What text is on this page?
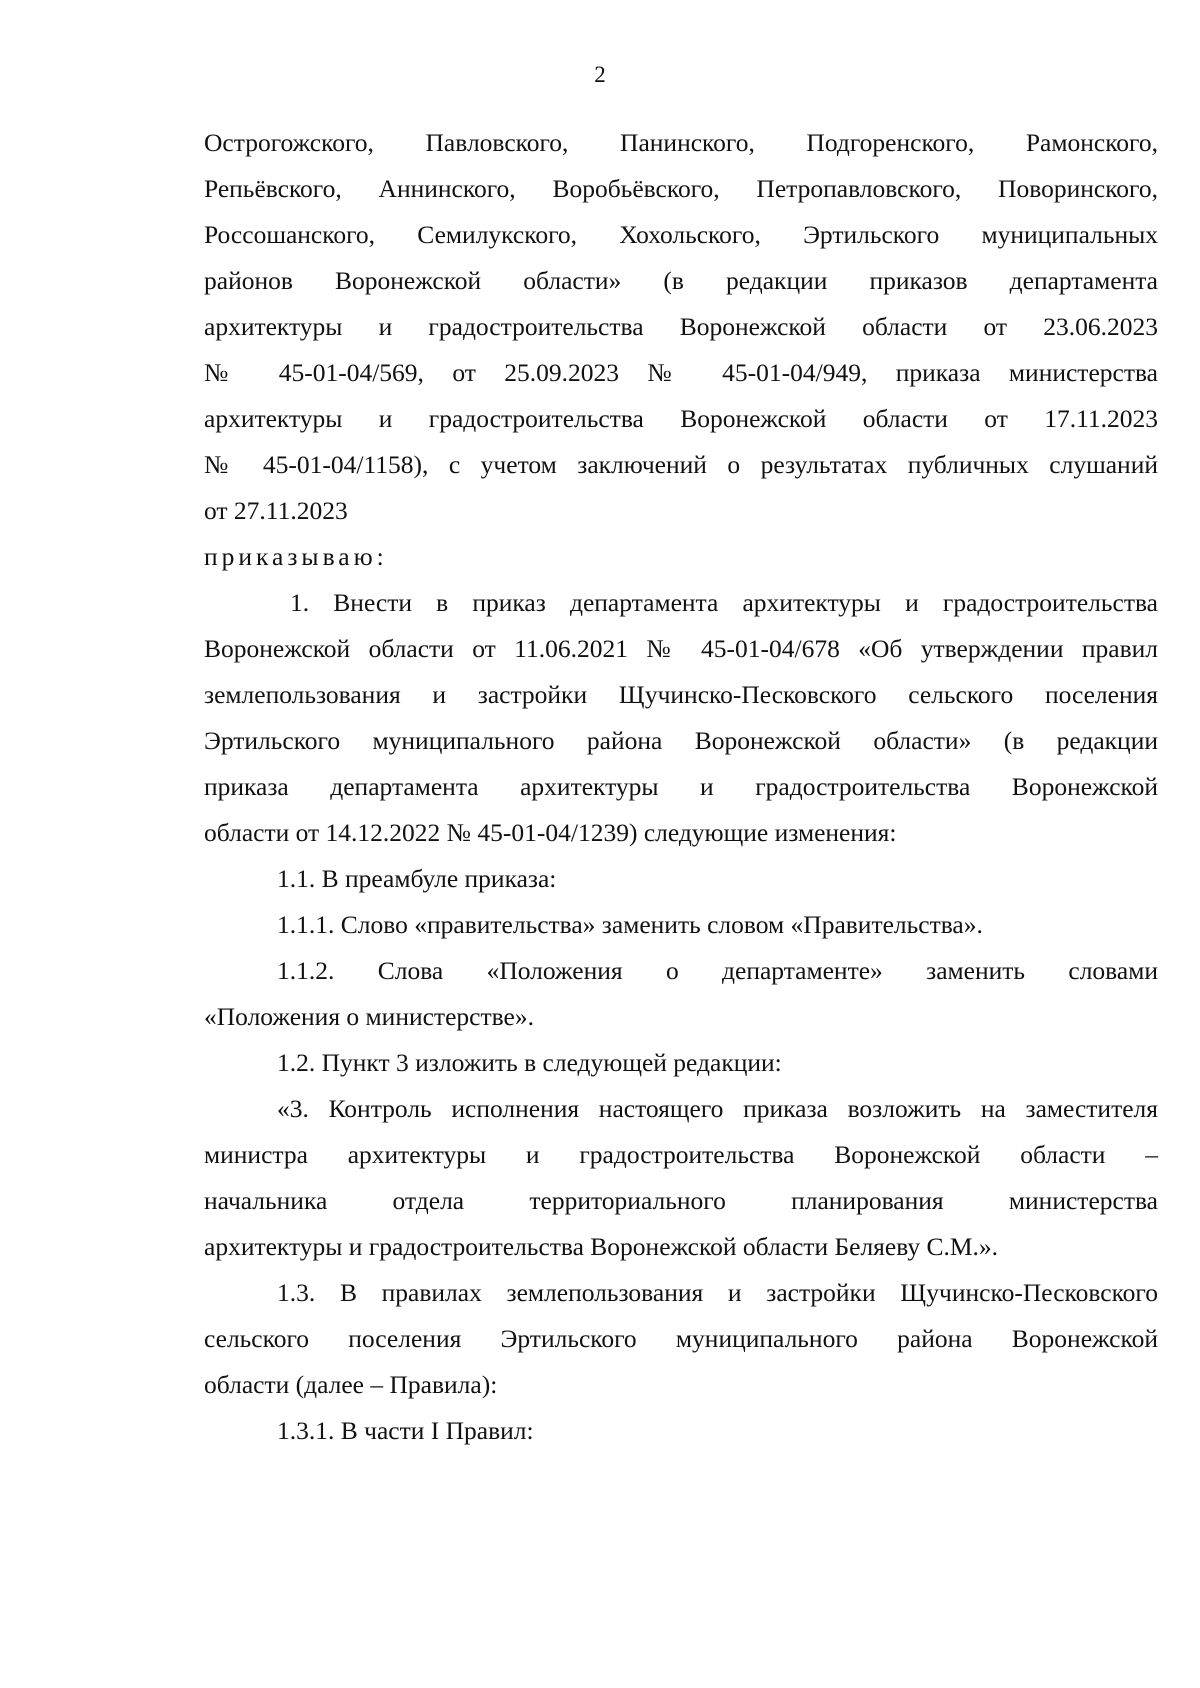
2
Острогожского, Павловского, Панинского, Подгоренского, Рамонского,
Репьёвского, Аннинского, Воробьёвского, Петропавловского, Поворинского,
Россошанского, Семилукского, Хохольского, Эртильского муниципальных
районов Воронежской области» (в редакции приказов департамента
архитектуры и градостроительства Воронежской области от 23.06.2023
№ 45-01-04/569, от 25.09.2023 № 45-01-04/949, приказа министерства
архитектуры и градостроительства Воронежской области от 17.11.2023
№ 45-01-04/1158), с учетом заключений о результатах публичных слушаний
от 27.11.2023
приказываю:
1. Внести в приказ департамента архитектуры и градостроительства
Воронежской области от 11.06.2021 № 45-01-04/678 «Об утверждении правил
землепользования и застройки Щучинско-Песковского сельского поселения
Эртильского муниципального района Воронежской области» (в редакции
приказа департамента архитектуры и градостроительства Воронежской
области от 14.12.2022 № 45-01-04/1239) следующие изменения:
1.1. В преамбуле приказа:
1.1.1. Слово «правительства» заменить словом «Правительства».
1.1.2. Слова «Положения о департаменте» заменить словами
«Положения о министерстве».
1.2. Пункт 3 изложить в следующей редакции:
«3. Контроль исполнения настоящего приказа возложить на заместителя
министра архитектуры и градостроительства Воронежской области –
начальника отдела территориального планирования министерства
архитектуры и градостроительства Воронежской области Беляеву С.М.».
1.3. В правилах землепользования и застройки Щучинско-Песковского
сельского поселения Эртильского муниципального района Воронежской
области (далее – Правила):
1.3.1. В части I Правил:
